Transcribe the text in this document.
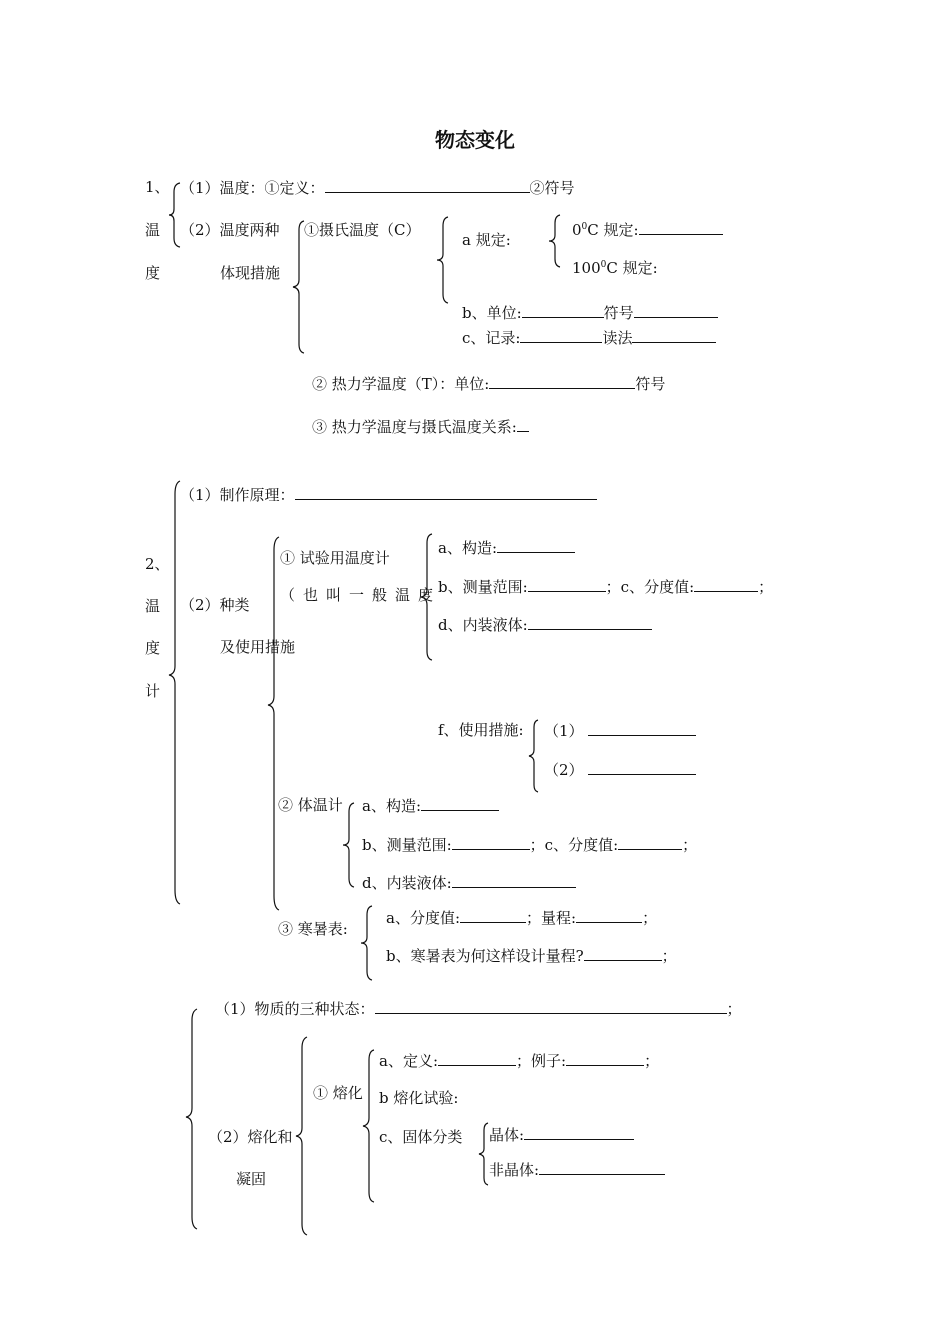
物态变化
1、
温
度
（1）温度：①定义：	②符号
（2）温度两种
体现措施
①摄氏温度（C）
a 规定:
$0^0C$ 规定:
$100^0C$ 规定:
b、单位:	符号
c、记录:	读法
② 热力学温度（T）：单位:	符号
③ 热力学温度与摄氏温度关系:
2、
温
度
计
（1）制作原理：
（2）种类
及使用措施
① 试验用温度计
（也叫一般温度
a、构造:
b、测量范围:	；c、分度值:	；
d、内装液体:
f、使用措施: （1）
（2）
② 体温计 a、构造:
b、测量范围:	；c、分度值:	；
d、内装液体:
③ 寒暑表:
a、分度值:	；量程:	；
b、寒暑表为何这样设计量程?	；
（1）物质的三种状态：	；
（2）熔化和
凝固
① 熔化
a、定义:	；例子:	；
b 熔化试验:
c、固体分类 晶体:
非晶体:
